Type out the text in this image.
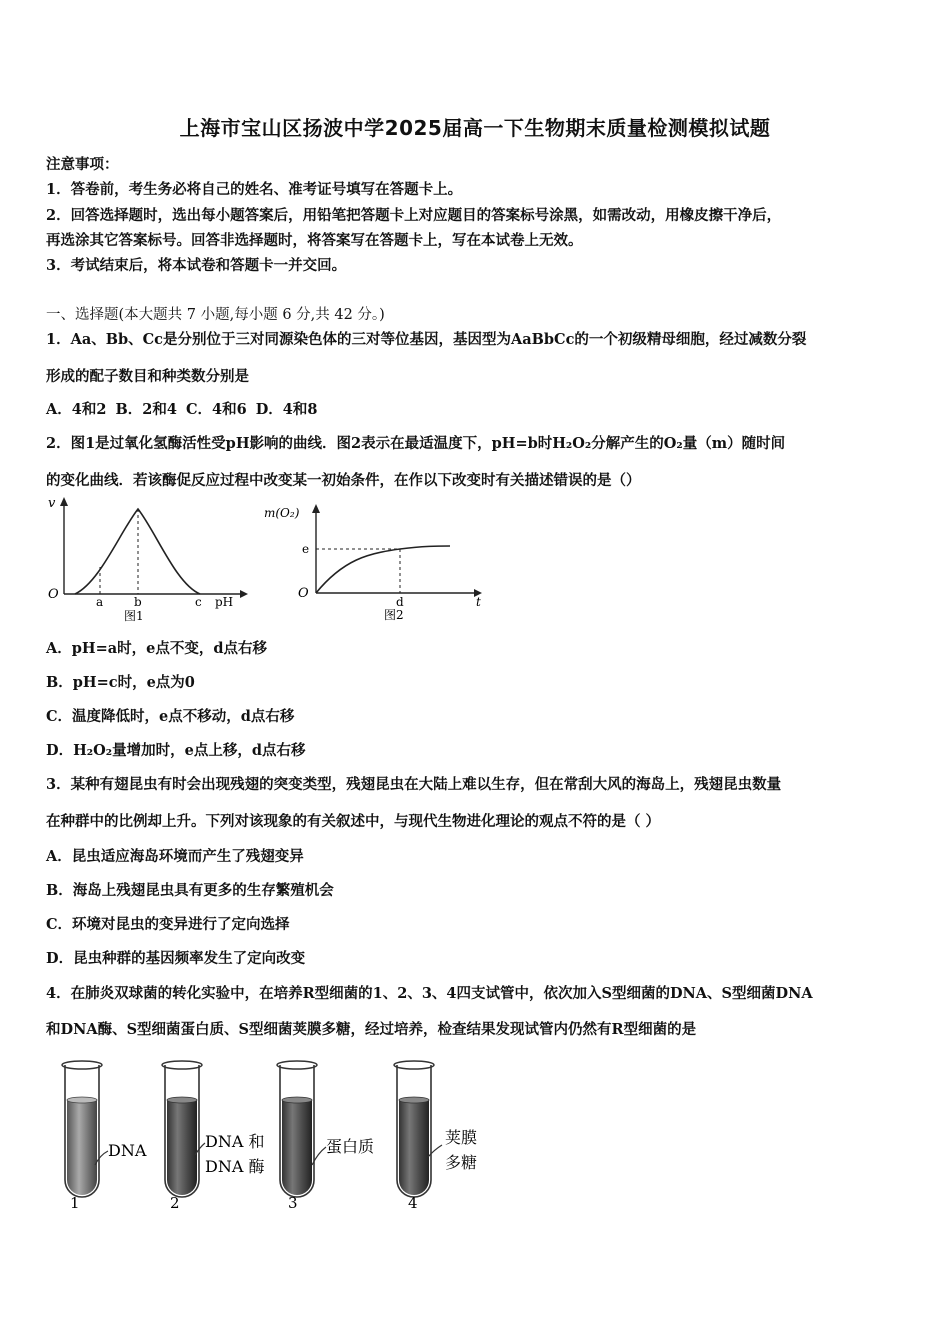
上海市宝山区扬波中学2025届高一下生物期末质量检测模拟试题
注意事项：
1．答卷前，考生务必将自己的姓名、准考证号填写在答题卡上。
2．回答选择题时，选出每小题答案后，用铅笔把答题卡上对应题目的答案标号涂黑，如需改动，用橡皮擦干净后，
再选涂其它答案标号。回答非选择题时，将答案写在答题卡上，写在本试卷上无效。
3．考试结束后，将本试卷和答题卡一并交回。
一、选择题(本大题共 7 小题,每小题 6 分,共 42 分。)
1．Aa、Bb、Cc是分别位于三对同源染色体的三对等位基因，基因型为AaBbCc的一个初级精母细胞，经过减数分裂
形成的配子数目和种类数分别是
A．4和2 B．2和4 C．4和6 D．4和8
2．图1是过氧化氢酶活性受pH影响的曲线．图2表示在最适温度下，pH=b时H₂O₂分解产生的O₂量（m）随时间
的变化曲线．若该酶促反应过程中改变某一初始条件，在作以下改变时有关描述错误的是（）
v
O	a	b	c pH
图1
m(O₂)
O
e
d	t
图2
A．pH=a时，e点不变，d点右移
B．pH=c时，e点为0
C．温度降低时，e点不移动，d点右移
D．H₂O₂量增加时，e点上移，d点右移
3．某种有翅昆虫有时会出现残翅的突变类型，残翅昆虫在大陆上难以生存，但在常刮大风的海岛上，残翅昆虫数量
在种群中的比例却上升。下列对该现象的有关叙述中，与现代生物进化理论的观点不符的是（ ）
A．昆虫适应海岛环境而产生了残翅变异
B．海岛上残翅昆虫具有更多的生存繁殖机会
C．环境对昆虫的变异进行了定向选择
D．昆虫种群的基因频率发生了定向改变
4．在肺炎双球菌的转化实验中，在培养R型细菌的1、2、3、4四支试管中，依次加入S型细菌的DNA、S型细菌DNA
和DNA酶、S型细菌蛋白质、S型细菌荚膜多糖，经过培养，检查结果发现试管内仍然有R型细菌的是
DNA
1
DNA 和
DNA 酶
2
蛋白质
3
荚膜
多糖
4
